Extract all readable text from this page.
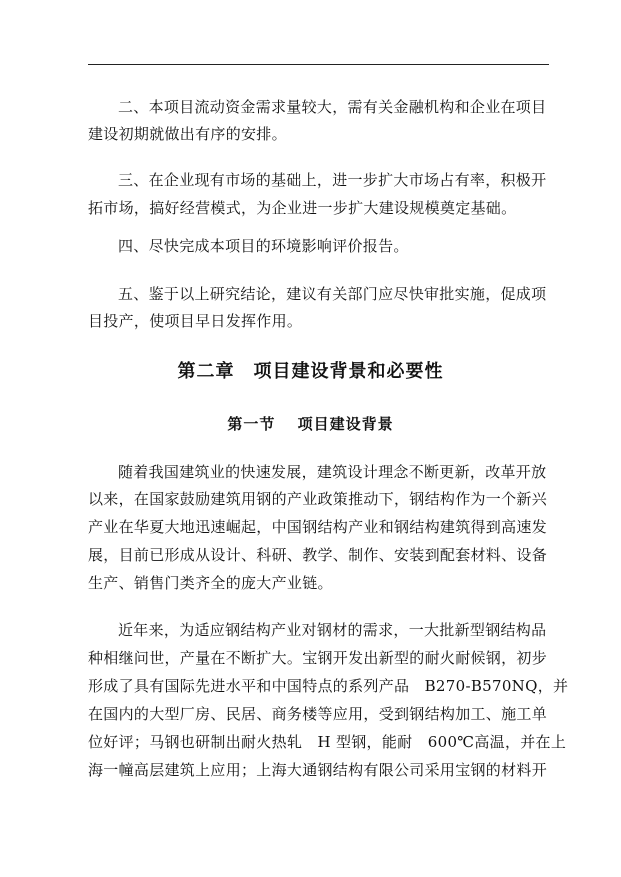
二、本项目流动资金需求量较大，需有关金融机构和企业在项目
建设初期就做出有序的安排。
三、在企业现有市场的基础上，进一步扩大市场占有率，积极开
拓市场，搞好经营模式，为企业进一步扩大建设规模奠定基础。
四、尽快完成本项目的环境影响评价报告。
五、鉴于以上研究结论，建议有关部门应尽快审批实施，促成项
目投产，使项目早日发挥作用。
第二章　项目建设背景和必要性
第一节　 项目建设背景
随着我国建筑业的快速发展，建筑设计理念不断更新，改革开放
以来，在国家鼓励建筑用钢的产业政策推动下，钢结构作为一个新兴
产业在华夏大地迅速崛起，中国钢结构产业和钢结构建筑得到高速发
展，目前已形成从设计、科研、教学、制作、安装到配套材料、设备
生产、销售门类齐全的庞大产业链。
近年来，为适应钢结构产业对钢材的需求，一大批新型钢结构品
种相继问世，产量在不断扩大。宝钢开发出新型的耐火耐候钢，初步
形成了具有国际先进水平和中国特点的系列产品　B270-B570NQ，并
在国内的大型厂房、民居、商务楼等应用，受到钢结构加工、施工单
位好评；马钢也研制出耐火热轧　H 型钢，能耐　600℃高温，并在上
海一幢高层建筑上应用；上海大通钢结构有限公司采用宝钢的材料开
